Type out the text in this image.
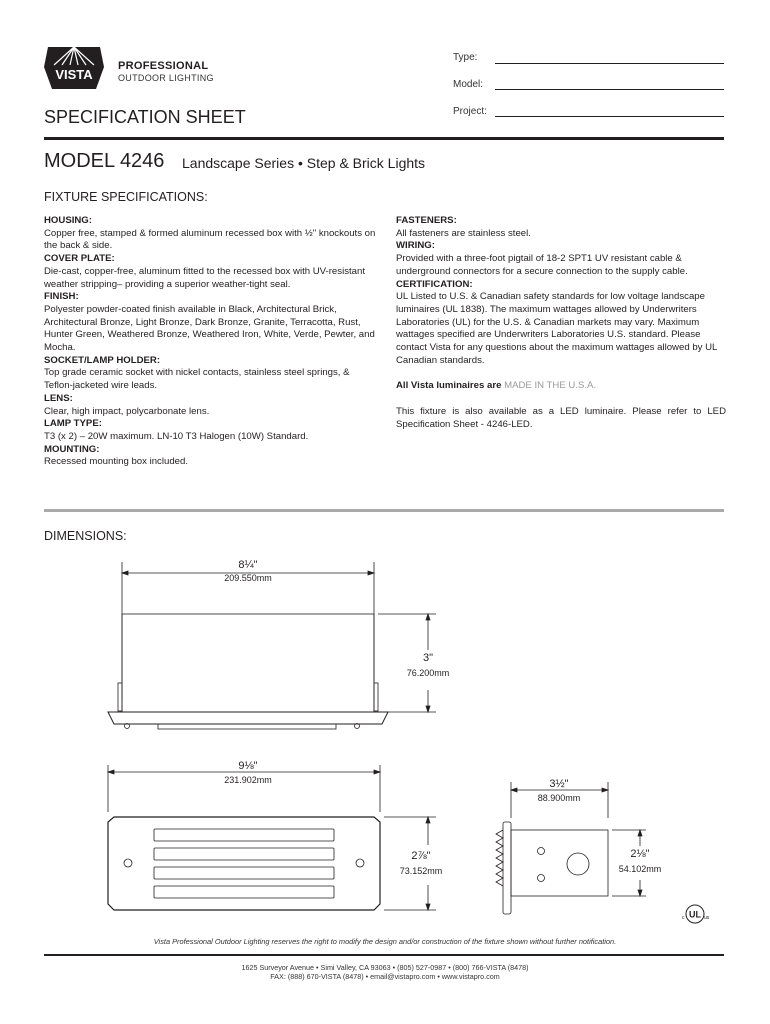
VISTA
PROFESSIONAL
OUTDOOR LIGHTING
SPECIFICATION SHEET
Type:
Model:
Project:
MODEL 4246 Landscape Series • Step & Brick Lights
FIXTURE SPECIFICATIONS:
HOUSING:
Copper free, stamped & formed aluminum recessed box with ½" knockouts on the back & side.
COVER PLATE:
Die-cast, copper-free, aluminum fitted to the recessed box with UV-resistant weather stripping– providing a superior weather-tight seal.
FINISH:
Polyester powder-coated finish available in Black, Architectural Brick, Architectural Bronze, Light Bronze, Dark Bronze, Granite, Terracotta, Rust, Hunter Green, Weathered Bronze, Weathered Iron, White, Verde, Pewter, and Mocha.
SOCKET/LAMP HOLDER:
Top grade ceramic socket with nickel contacts, stainless steel springs, & Teflon-jacketed wire leads.
LENS:
Clear, high impact, polycarbonate lens.
LAMP TYPE:
T3 (x 2) – 20W maximum. LN-10 T3 Halogen (10W) Standard.
MOUNTING:
Recessed mounting box included.
FASTENERS:
All fasteners are stainless steel.
WIRING:
Provided with a three-foot pigtail of 18-2 SPT1 UV resistant cable & underground connectors for a secure connection to the supply cable.
CERTIFICATION:
UL Listed to U.S. & Canadian safety standards for low voltage landscape luminaires (UL 1838). The maximum wattages allowed by Underwriters Laboratories (UL) for the U.S. & Canadian markets may vary. Maximum wattages specified are Underwriters Laboratories U.S. standard. Please contact Vista for any questions about the maximum wattages allowed by UL Canadian standards.
All Vista luminaires are MADE IN THE U.S.A.
This fixture is also available as a LED luminaire. Please refer to LED Specification Sheet - 4246-LED.
DIMENSIONS:
8¼"
209.550mm
3"
76.200mm
9⅛"
231.902mm
2⅞"
73.152mm
3½"
88.900mm
2⅛"
54.102mm
UL
c	us
Vista Professional Outdoor Lighting reserves the right to modify the design and/or construction of the fixture shown without further notification.
1625 Surveyor Avenue • Simi Valley, CA 93063 • (805) 527-0987 • (800) 766-VISTA (8478)
FAX: (888) 670-VISTA (8478) • email@vistapro.com • www.vistapro.com
